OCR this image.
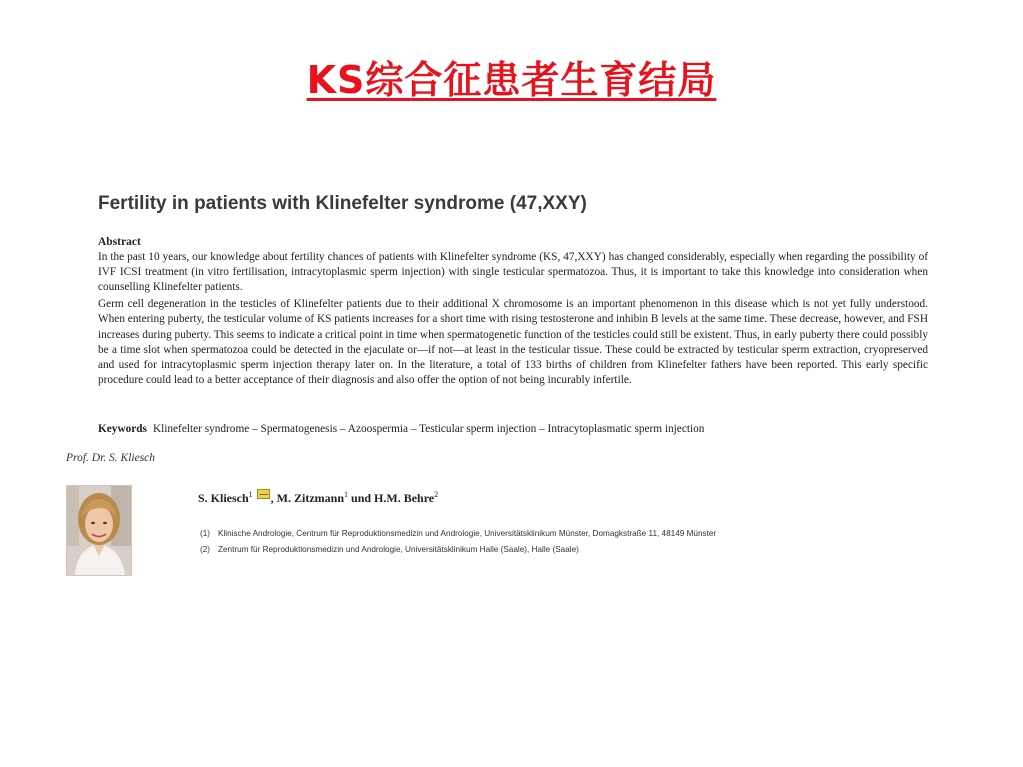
KS综合征患者生育结局
Fertility in patients with Klinefelter syndrome (47,XXY)
Abstract

In the past 10 years, our knowledge about fertility chances of patients with Klinefelter syndrome (KS, 47,XXY) has changed considerably, especially when regarding the possibility of IVF ICSI treatment (in vitro fertilisation, intracytoplasmic sperm injection) with single testicular spermatozoa. Thus, it is important to take this knowledge into consideration when counselling Klinefelter patients.

Germ cell degeneration in the testicles of Klinefelter patients due to their additional X chromosome is an important phenomenon in this disease which is not yet fully understood. When entering puberty, the testicular volume of KS patients increases for a short time with rising testosterone and inhibin B levels at the same time. These decrease, however, and FSH increases during puberty. This seems to indicate a critical point in time when spermatogenetic function of the testicles could still be existent. Thus, in early puberty there could possibly be a time slot when spermatozoa could be detected in the ejaculate or—if not—at least in the testicular tissue. These could be extracted by testicular sperm extraction, cryopreserved and used for intracytoplasmic sperm injection therapy later on. In the literature, a total of 133 births of children from Klinefelter fathers have been reported. This early specific procedure could lead to a better acceptance of their diagnosis and also offer the option of not being incurably infertile.

Keywords Klinefelter syndrome – Spermatogenesis – Azoospermia – Testicular sperm injection – Intracytoplasmatic sperm injection
Prof. Dr. S. Kliesch
S. Kliesch$^1$ , M. Zitzmann$^1$ und H.M. Behre$^2$
(1) Klinische Andrologie, Centrum für Reproduktionsmedizin und Andrologie, Universitätsklinikum Münster, Domagkstraße 11, 48149 Münster
(2) Zentrum für Reproduktionsmedizin und Andrologie, Universitätsklinikum Halle (Saale), Halle (Saale)
